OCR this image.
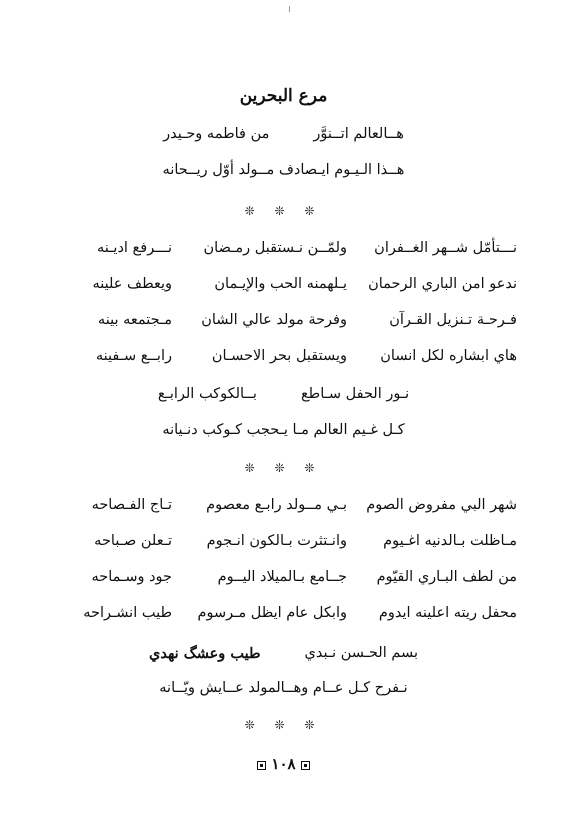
مرع البحرين
هــالعالم اتــنوَّر
من فاطمه وحـيدر
هــذا الـيـوم ايـصادف مــولد أوّل ريــحانه
❊ ❊ ❊
نـــتأمّل شــهر الغــفران
ولمّــن نـستقبل رمـضان
نـــرفع اديـنه
ندعو امن الباري الرحمان
يـلهمنه الحب والإيـمان
ويعطف علينه
فـرحـة تـنزيل القـرآن
وفرحة مولد عالي الشان
مـجتمعه بينه
هاي ابشاره لكل انسان
ويستقبل بحر الاحسـان
رابــع سـفينه
نـور الحفل سـاطع
بــالكوكب الرابـع
كـل غـيم العالم مـا يـحجب كـوكب دنـيانه
❊ ❊ ❊
شهر البي مفروض الصوم
بـي مــولد رابـع معصوم
تـاج الفـصاحه
مـاظلت بـالدنيه اغـيوم
وانـتثرت بـالكون انـجوم
تـعلن صـباحه
من لطف البـاري القيّوم
جــامع بـالميلاد اليــوم
جود وسـماحه
محفل ريته اعلينه ايدوم
وابكل عام ايظل مـرسوم
طيب انشـراحه
بسم الحـسن نـبدي
طيب وعشگ نهدي
نـفرح كـل عــام وهــالمولد عــايش ويّــانه
❊ ❊ ❊
١٠٨
